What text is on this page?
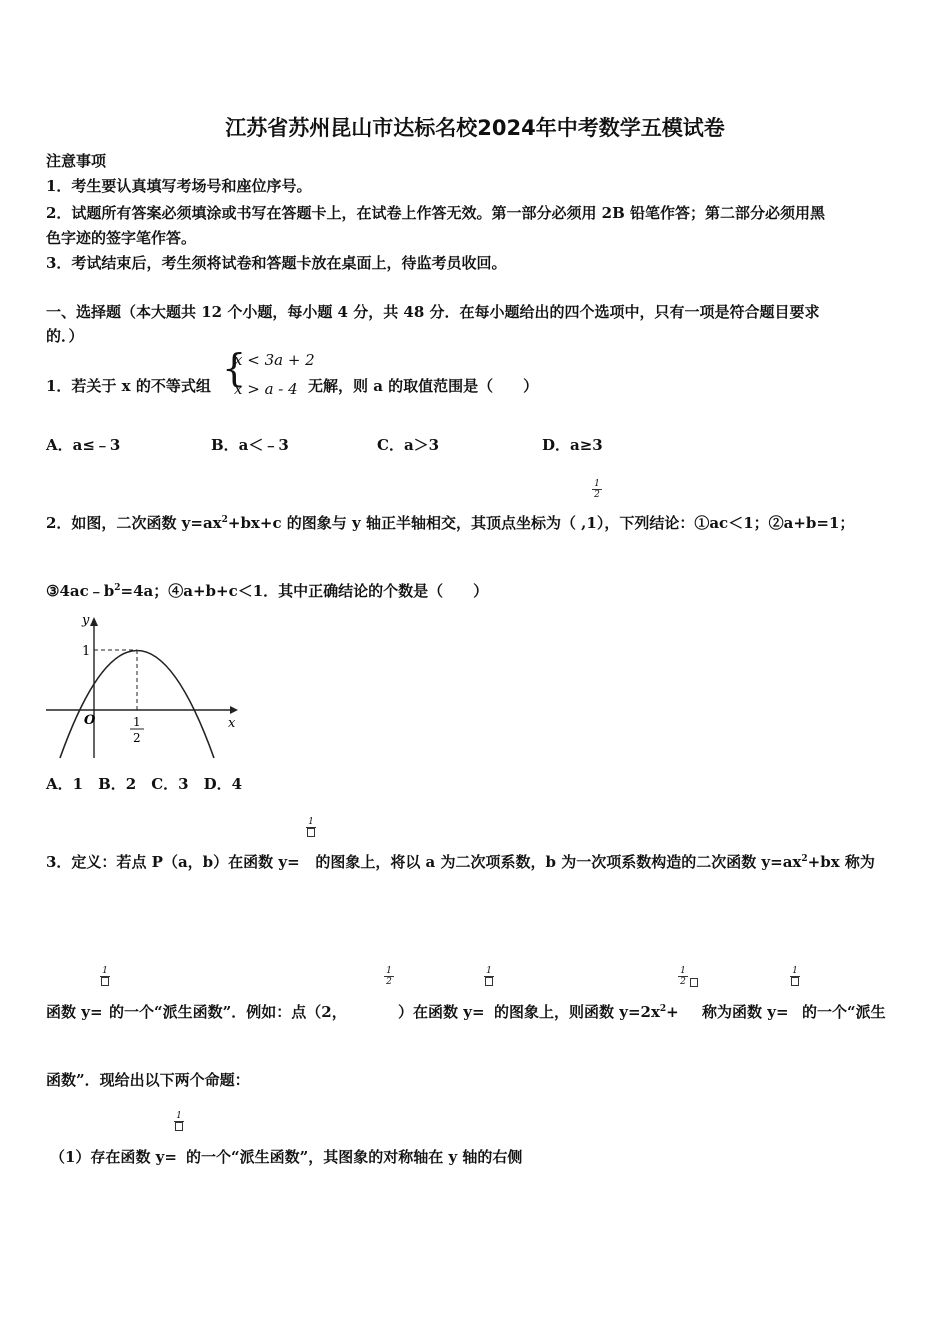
江苏省苏州昆山市达标名校2024年中考数学五模试卷
注意事项
1．考生要认真填写考场号和座位序号。
2．试题所有答案必须填涂或书写在答题卡上，在试卷上作答无效。第一部分必须用 2B 铅笔作答；第二部分必须用黑
色字迹的签字笔作答。
3．考试结束后，考生须将试卷和答题卡放在桌面上，待监考员收回。
一、选择题（本大题共 12 个小题，每小题 4 分，共 48 分．在每小题给出的四个选项中，只有一项是符合题目要求
的．）
1．若关于 x 的不等式组 {
x < 3a + 2
x > a - 4 无解，则 a 的取值范围是（　　）
A．a≤﹣3	B．a＜﹣3	C．a＞3	D．a≥3
1
2
2．如图，二次函数 $y=ax^2+bx+c$ 的图象与 y 轴正半轴相交，其顶点坐标为（ ,1），下列结论：①ac＜1；②a+b=1；
$③4ac﹣b^2=4a$；④a+b+c＜1．其中正确结论的个数是（　　）
y
x
O
1
1
2
A．1　B．2　C．3　D．4
1
3．定义：若点 P（a，b）在函数 y= 的图象上，将以 a 为二次项系数，b 为一次项系数构造的二次函数 $y=ax^2+bx$ 称为
1	1
2
1	1
2
1
函数 y= 的一个“派生函数”．例如：点（2，	）在函数 y= 的图象上，则函数 $y=2x^2+$ 称为函数 y= 的一个“派生
函数”．现给出以下两个命题：
1
（1）存在函数 y= 的一个“派生函数”，其图象的对称轴在 y 轴的右侧
